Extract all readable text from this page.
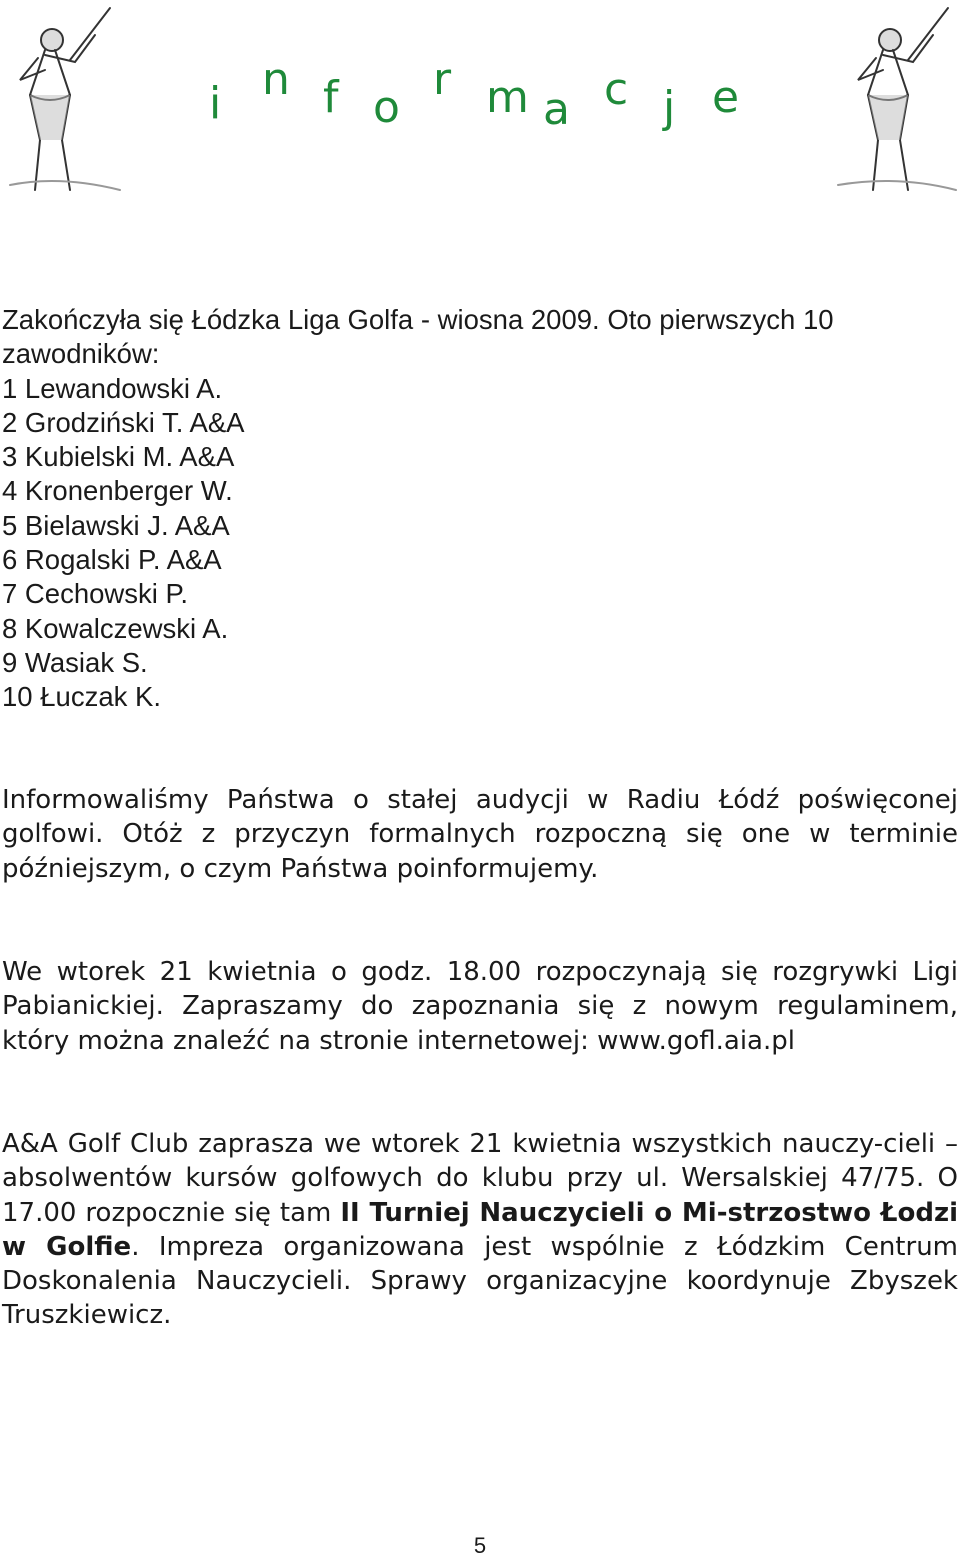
i n f o
r m a c j e
Zakończyła się Łódzka Liga Golfa - wiosna 2009. Oto pierwszych 10
zawodników:
1 Lewandowski A.
2 Grodziński T. A&A
3 Kubielski M. A&A
4 Kronenberger W.
5 Bielawski J. A&A
6 Rogalski P. A&A
7 Cechowski P.
8 Kowalczewski A.
9 Wasiak S.
10 Łuczak K.

Informowaliśmy Państwa o stałej audycji w Radiu Łódź poświęconej golfowi. Otóż z przyczyn formalnych rozpoczną się one w terminie późniejszym, o czym Państwa poinformujemy.

We wtorek 21 kwietnia o godz. 18.00 rozpoczynają się rozgrywki Ligi Pabianickiej. Zapraszamy do zapoznania się z nowym regulaminem, który można znaleźć na stronie internetowej: www.gofl.aia.pl

A&A Golf Club zaprasza we wtorek 21 kwietnia wszystkich nauczy-cieli – absolwentów kursów golfowych do klubu przy ul. Wersalskiej 47/75. O 17.00 rozpocznie się tam II Turniej Nauczycieli o Mi-strzostwo Łodzi w Golfie. Impreza organizowana jest wspólnie z Łódzkim Centrum Doskonalenia Nauczycieli. Sprawy organizacyjne koordynuje Zbyszek Truszkiewicz.

5
